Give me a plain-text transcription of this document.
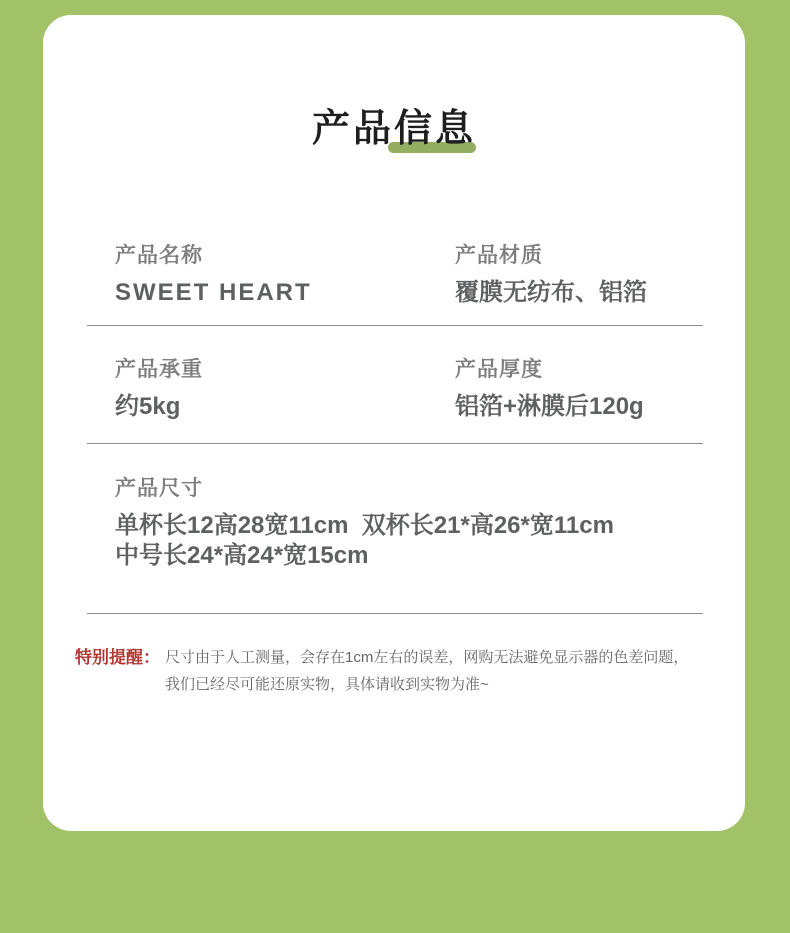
产品信息
产品名称
SWEET HEART
产品材质
覆膜无纺布、铝箔
产品承重
约5kg
产品厚度
铝箔+淋膜后120g
产品尺寸
单杯长12高28宽11cm  双杯长21*高26*宽11cm
中号长24*高24*宽15cm
特别提醒： 尺寸由于人工测量，会存在1cm左右的误差，网购无法避免显示器的色差问题，
我们已经尽可能还原实物，具体请收到实物为准~
